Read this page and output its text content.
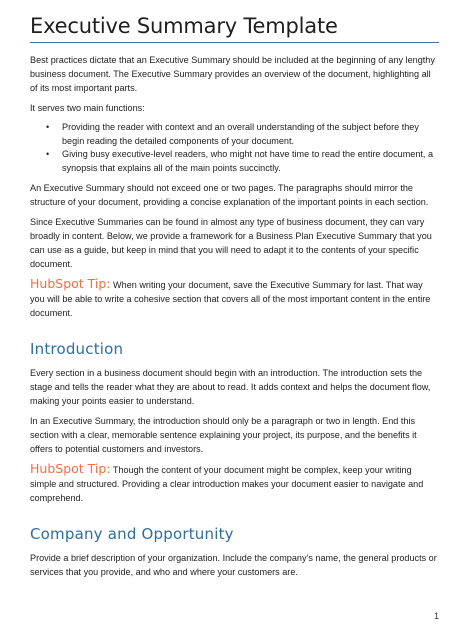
Executive Summary Template

Best practices dictate that an Executive Summary should be included at the beginning of any lengthy business document. The Executive Summary provides an overview of the document, highlighting all of its most important parts.

It serves two main functions:

• Providing the reader with context and an overall understanding of the subject before they begin reading the detailed components of your document.
• Giving busy executive-level readers, who might not have time to read the entire document, a synopsis that explains all of the main points succinctly.

An Executive Summary should not exceed one or two pages. The paragraphs should mirror the structure of your document, providing a concise explanation of the important points in each section.

Since Executive Summaries can be found in almost any type of business document, they can vary broadly in content. Below, we provide a framework for a Business Plan Executive Summary that you can use as a guide, but keep in mind that you will need to adapt it to the contents of your specific document.

HubSpot Tip: When writing your document, save the Executive Summary for last. That way you will be able to write a cohesive section that covers all of the most important content in the entire document.

Introduction

Every section in a business document should begin with an introduction. The introduction sets the stage and tells the reader what they are about to read. It adds context and helps the document flow, making your points easier to understand.

In an Executive Summary, the introduction should only be a paragraph or two in length. End this section with a clear, memorable sentence explaining your project, its purpose, and the benefits it offers to potential customers and investors.

HubSpot Tip: Though the content of your document might be complex, keep your writing simple and structured. Providing a clear introduction makes your document easier to navigate and comprehend.

Company and Opportunity

Provide a brief description of your organization. Include the company’s name, the general products or services that you provide, and who and where your customers are.

1
